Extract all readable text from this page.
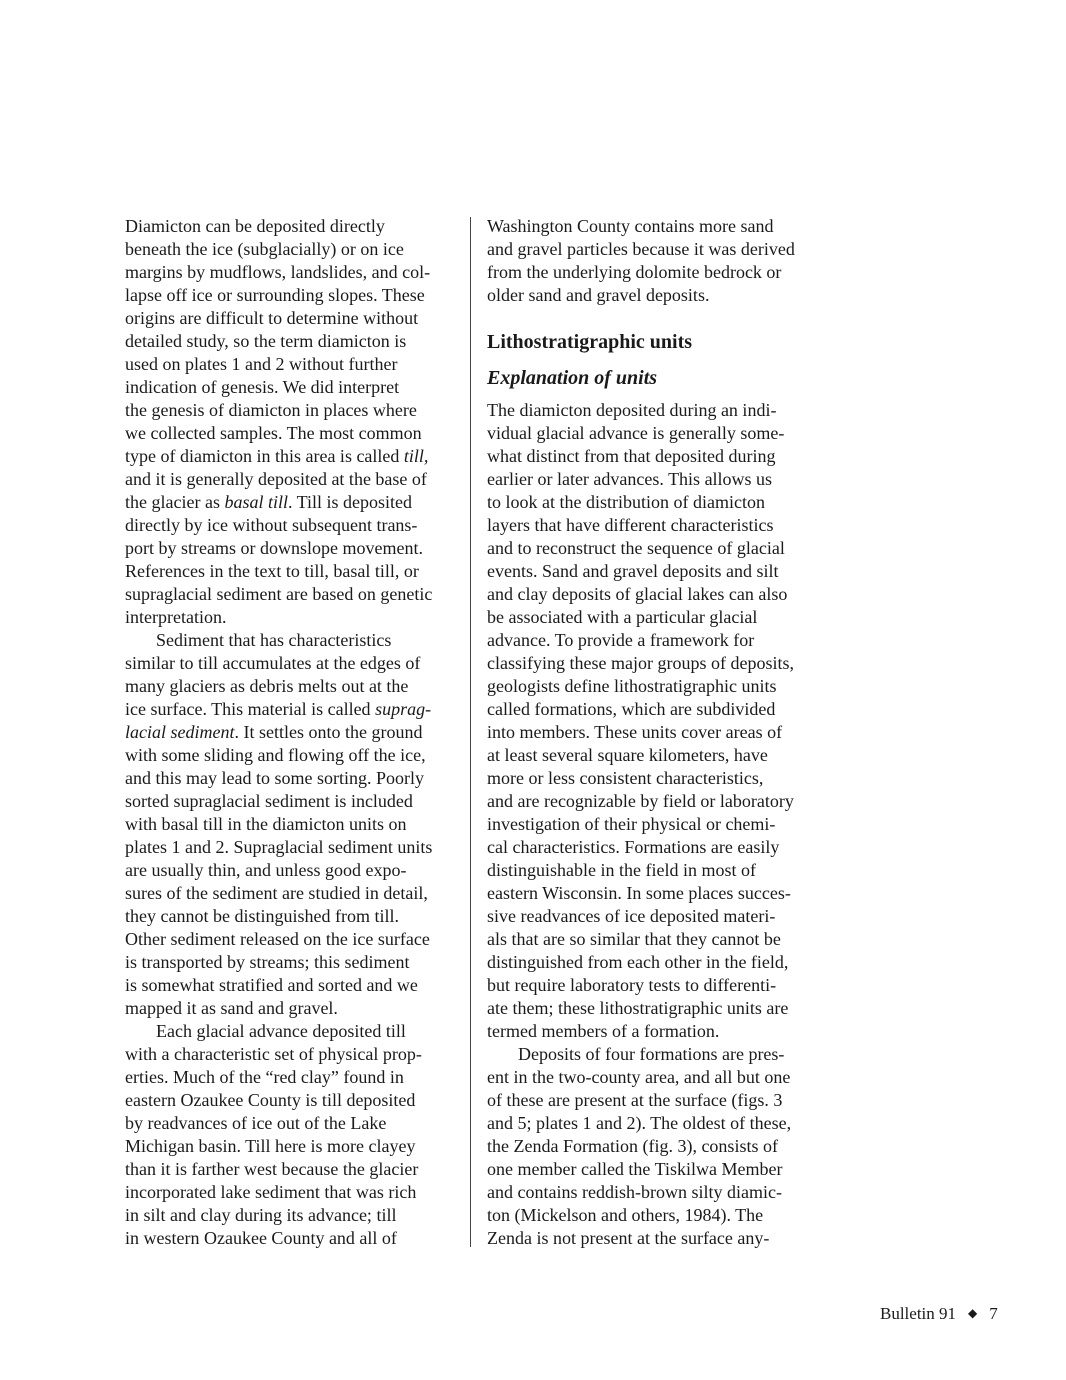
Diamicton can be deposited directly
beneath the ice (subglacially) or on ice
margins by mudflows, landslides, and col-
lapse off ice or surrounding slopes. These
origins are difficult to determine without
detailed study, so the term diamicton is
used on plates 1 and 2 without further
indication of genesis. We did interpret
the genesis of diamicton in places where
we collected samples. The most common
type of diamicton in this area is called till,
and it is generally deposited at the base of
the glacier as basal till. Till is deposited
directly by ice without subsequent trans-
port by streams or downslope movement.
References in the text to till, basal till, or
supraglacial sediment are based on genetic
interpretation.
Sediment that has characteristics
similar to till accumulates at the edges of
many glaciers as debris melts out at the
ice surface. This material is called suprag-
lacial sediment. It settles onto the ground
with some sliding and flowing off the ice,
and this may lead to some sorting. Poorly
sorted supraglacial sediment is included
with basal till in the diamicton units on
plates 1 and 2. Supraglacial sediment units
are usually thin, and unless good expo-
sures of the sediment are studied in detail,
they cannot be distinguished from till.
Other sediment released on the ice surface
is transported by streams; this sediment
is somewhat stratified and sorted and we
mapped it as sand and gravel.
Each glacial advance deposited till
with a characteristic set of physical prop-
erties. Much of the “red clay” found in
eastern Ozaukee County is till deposited
by readvances of ice out of the Lake
Michigan basin. Till here is more clayey
than it is farther west because the glacier
incorporated lake sediment that was rich
in silt and clay during its advance; till
in western Ozaukee County and all of
Washington County contains more sand
and gravel particles because it was derived
from the underlying dolomite bedrock or
older sand and gravel deposits.
Lithostratigraphic units
Explanation of units
The diamicton deposited during an indi-
vidual glacial advance is generally some-
what distinct from that deposited during
earlier or later advances. This allows us
to look at the distribution of diamicton
layers that have different characteristics
and to reconstruct the sequence of glacial
events. Sand and gravel deposits and silt
and clay deposits of glacial lakes can also
be associated with a particular glacial
advance. To provide a framework for
classifying these major groups of deposits,
geologists define lithostratigraphic units
called formations, which are subdivided
into members. These units cover areas of
at least several square kilometers, have
more or less consistent characteristics,
and are recognizable by field or laboratory
investigation of their physical or chemi-
cal characteristics. Formations are easily
distinguishable in the field in most of
eastern Wisconsin. In some places succes-
sive readvances of ice deposited materi-
als that are so similar that they cannot be
distinguished from each other in the field,
but require laboratory tests to differenti-
ate them; these lithostratigraphic units are
termed members of a formation.
Deposits of four formations are pres-
ent in the two-county area, and all but one
of these are present at the surface (figs. 3
and 5; plates 1 and 2). The oldest of these,
the Zenda Formation (fig. 3), consists of
one member called the Tiskilwa Member
and contains reddish-brown silty diamic-
ton (Mickelson and others, 1984). The
Zenda is not present at the surface any-
Bulletin 91 ◆ 7
